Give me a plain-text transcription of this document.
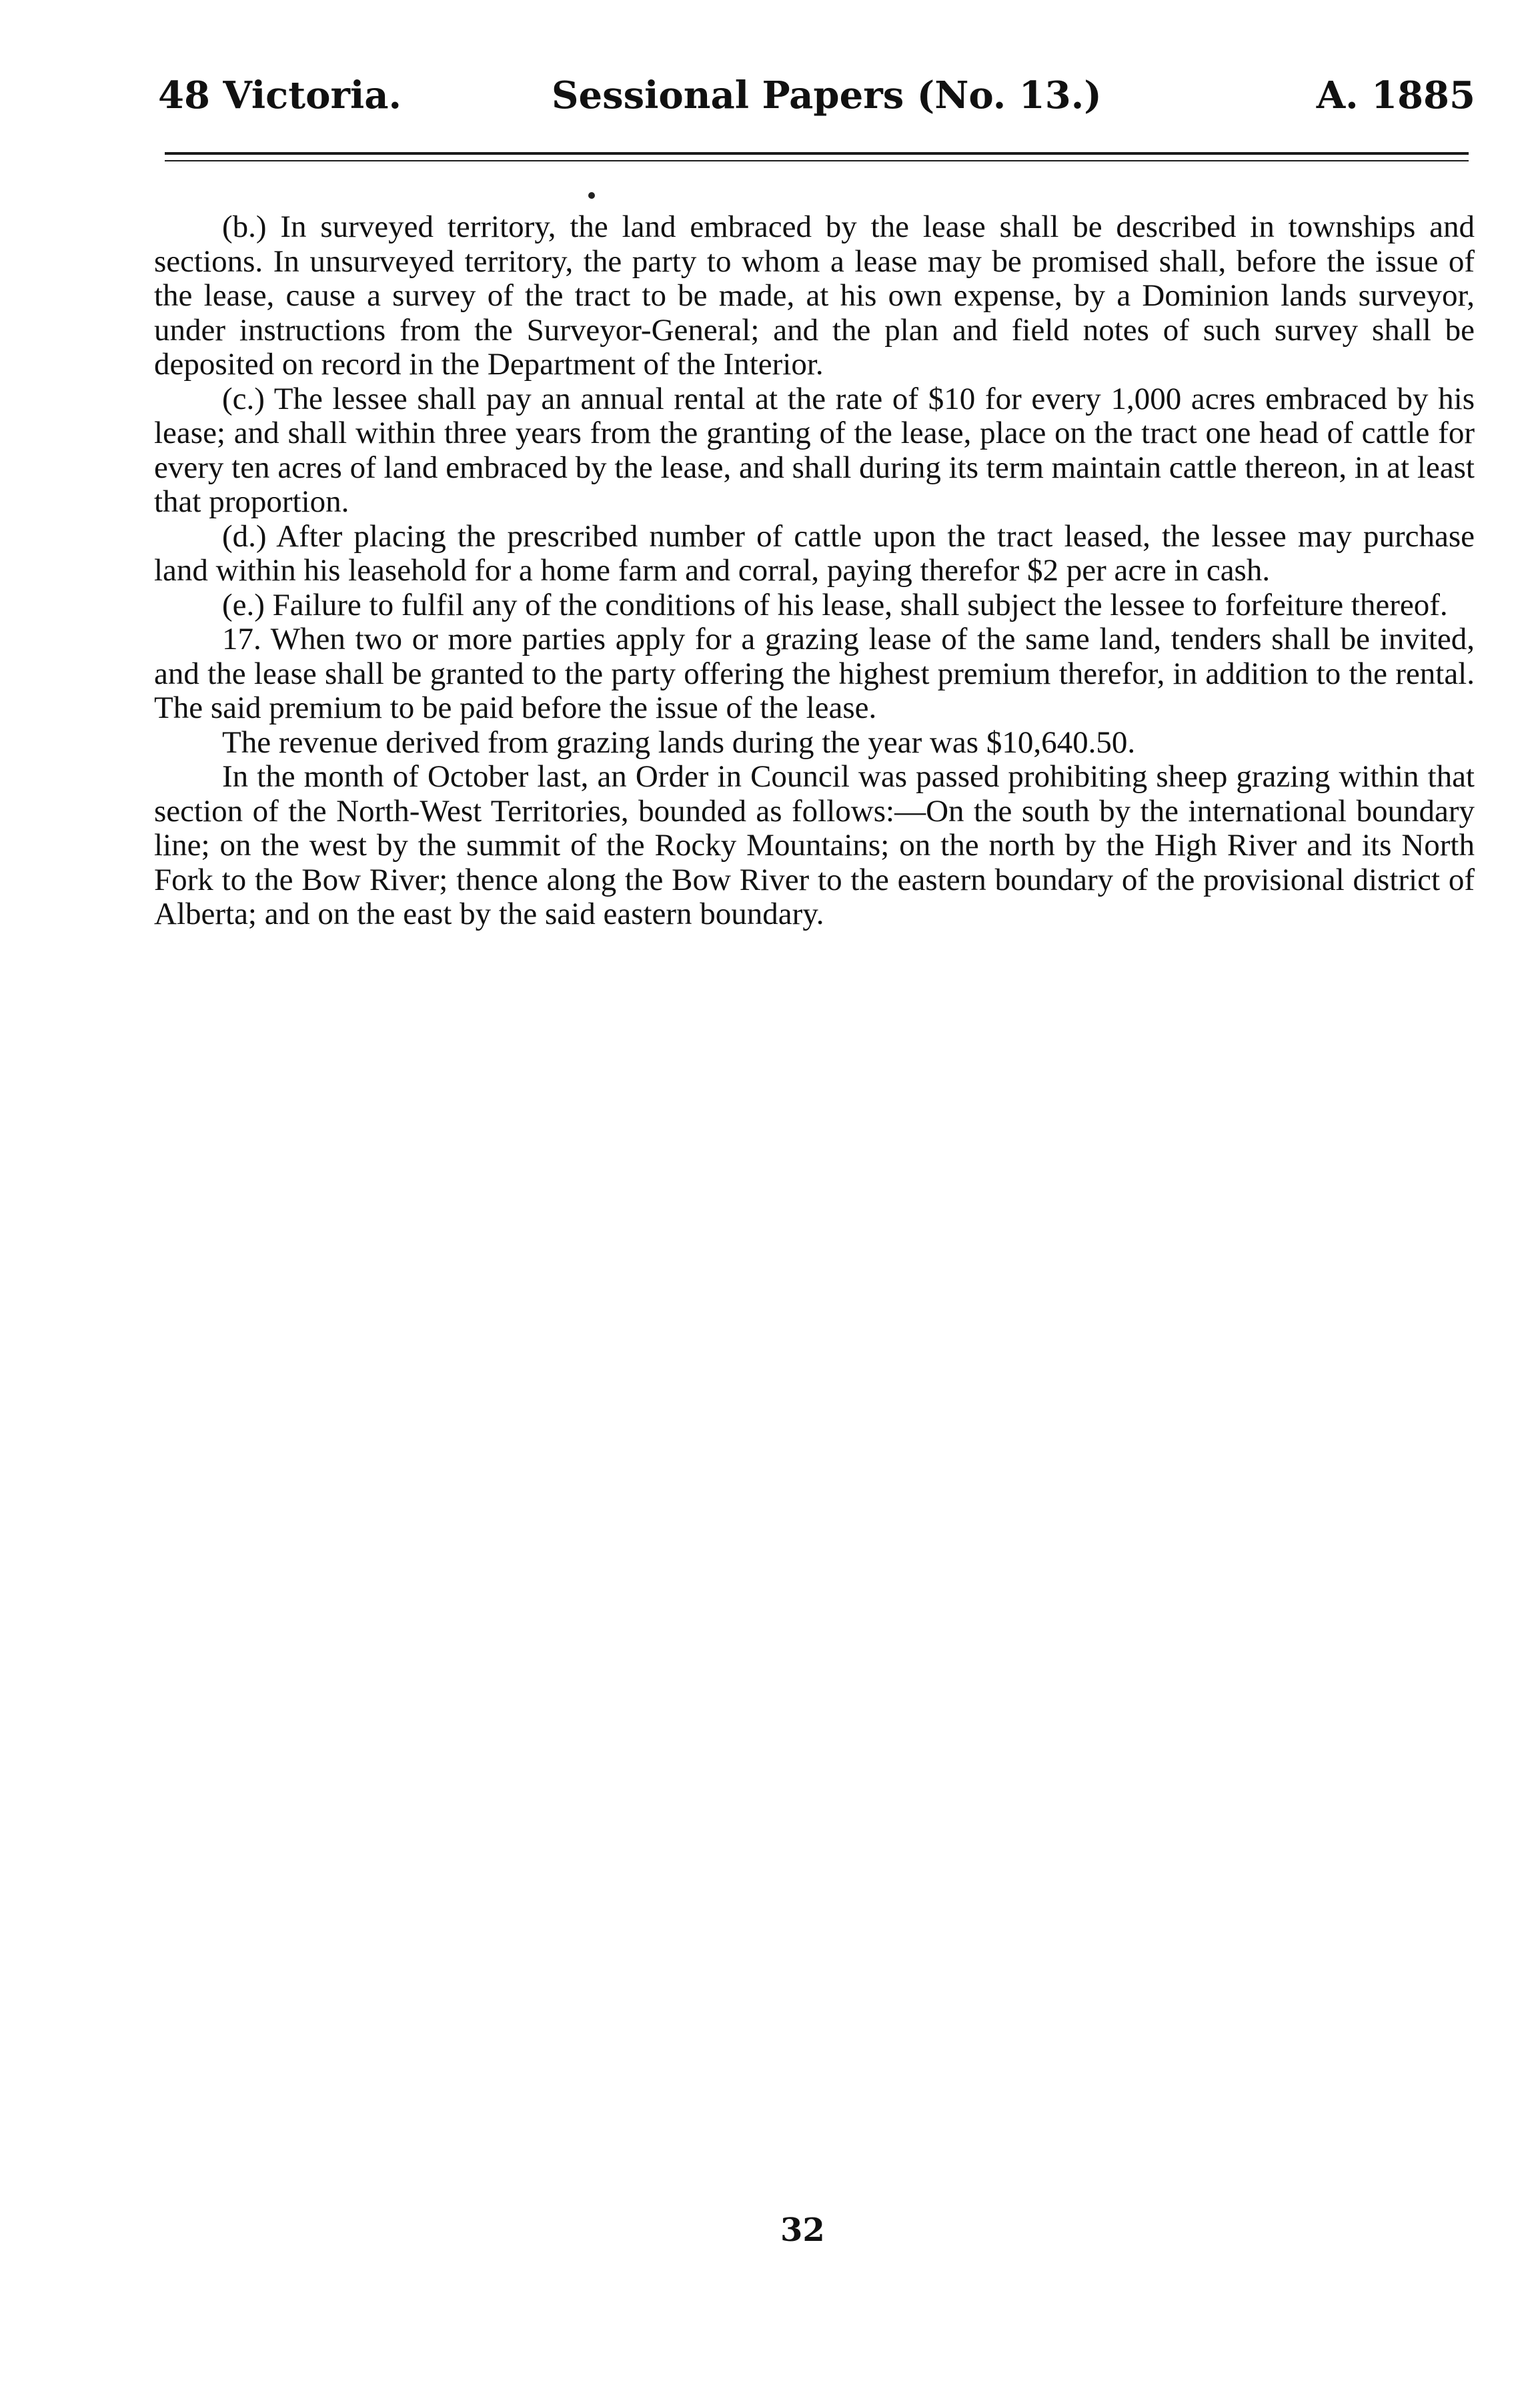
48 Victoria.	Sessional Papers (No. 13.)	A. 1885

(b.) In surveyed territory, the land embraced by the lease shall be described in townships and sections. In unsurveyed territory, the party to whom a lease may be promised shall, before the issue of the lease, cause a survey of the tract to be made, at his own expense, by a Dominion lands surveyor, under instructions from the Surveyor-General; and the plan and field notes of such survey shall be deposited on record in the Department of the Interior.

(c.) The lessee shall pay an annual rental at the rate of $10 for every 1,000 acres embraced by his lease; and shall within three years from the granting of the lease, place on the tract one head of cattle for every ten acres of land embraced by the lease, and shall during its term maintain cattle thereon, in at least that proportion.

(d.) After placing the prescribed number of cattle upon the tract leased, the lessee may purchase land within his leasehold for a home farm and corral, paying therefor $2 per acre in cash.

(e.) Failure to fulfil any of the conditions of his lease, shall subject the lessee to forfeiture thereof.

17. When two or more parties apply for a grazing lease of the same land, tenders shall be invited, and the lease shall be granted to the party offering the highest premium therefor, in addition to the rental. The said premium to be paid before the issue of the lease.

The revenue derived from grazing lands during the year was $10,640.50.

In the month of October last, an Order in Council was passed prohibiting sheep grazing within that section of the North-West Territories, bounded as follows:—On the south by the international boundary line; on the west by the summit of the Rocky Mountains; on the north by the High River and its North Fork to the Bow River; thence along the Bow River to the eastern boundary of the provisional district of Alberta; and on the east by the said eastern boundary.

32
